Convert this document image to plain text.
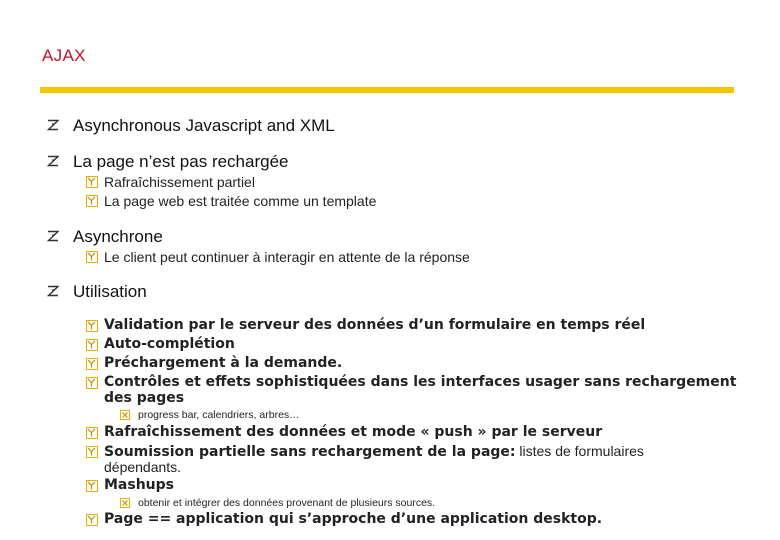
AJAX
Asynchronous Javascript and XML
La page n’est pas rechargée
Rafraîchissement partiel
La page web est traitée comme un template
Asynchrone
Le client peut continuer à interagir en attente de la réponse
Utilisation
Validation par le serveur des données d’un formulaire en temps réel
Auto-complétion
Préchargement à la demande.
Contrôles et effets sophistiquées dans les interfaces usager sans rechargement
des pages
progress bar, calendriers, arbres…
Rafraîchissement des données et mode « push » par le serveur
Soumission partielle sans rechargement de la page: listes de formulaires
dépendants.
Mashups
obtenir et intégrer des données provenant de plusieurs sources.
Page == application qui s’approche d’une application desktop.
